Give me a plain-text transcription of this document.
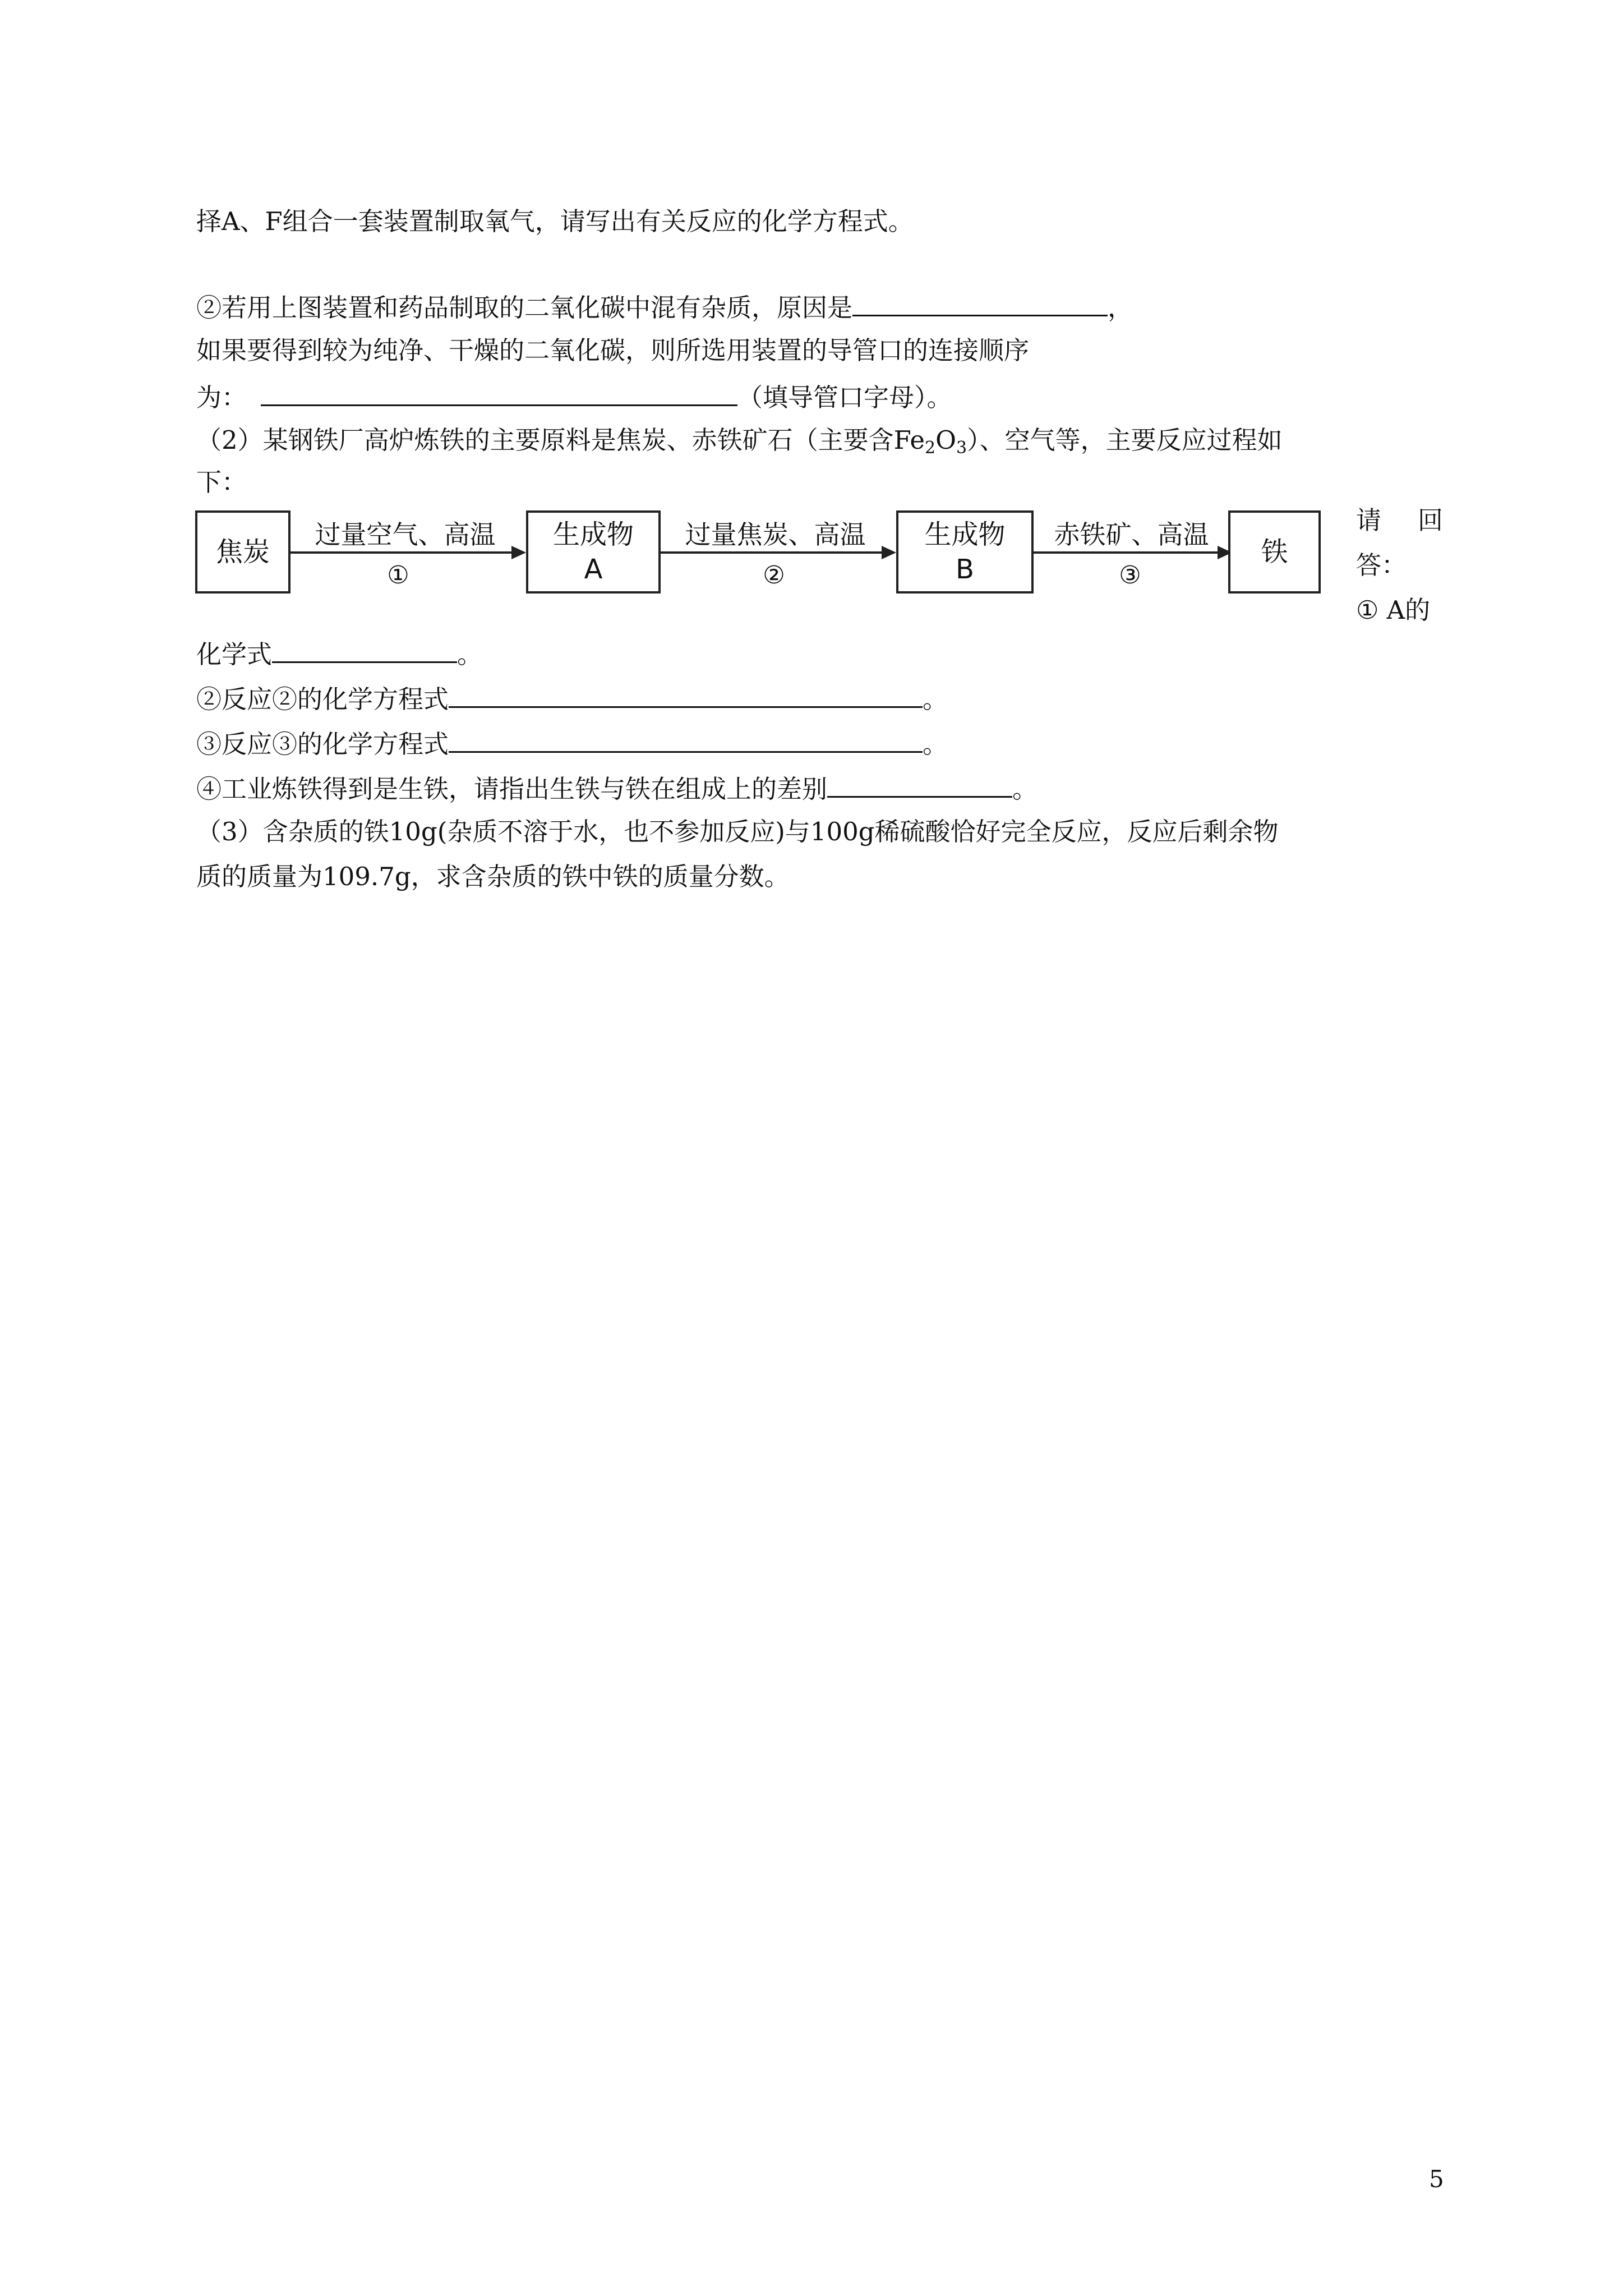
择A、F组合一套装置制取氧气，请写出有关反应的化学方程式。
②若用上图装置和药品制取的二氧化碳中混有杂质，原因是	，
如果要得到较为纯净、干燥的二氧化碳，则所选用装置的导管口的连接顺序
为：	（填导管口字母）。
（2）某钢铁厂高炉炼铁的主要原料是焦炭、赤铁矿石（主要含$Fe_2O_3$）、空气等，主要反应过程如
下：
焦炭
过量空气、高温
①
生成物
A
过量焦炭、高温
②
生成物
B
赤铁矿、高温
③
铁
请 回
答：
① A的
化学式	。
②反应②的化学方程式	。
③反应③的化学方程式	。
④工业炼铁得到是生铁，请指出生铁与铁在组成上的差别	。
（3）含杂质的铁10g(杂质不溶于水，也不参加反应)与100g稀硫酸恰好完全反应，反应后剩余物
质的质量为109.7g，求含杂质的铁中铁的质量分数。
5
